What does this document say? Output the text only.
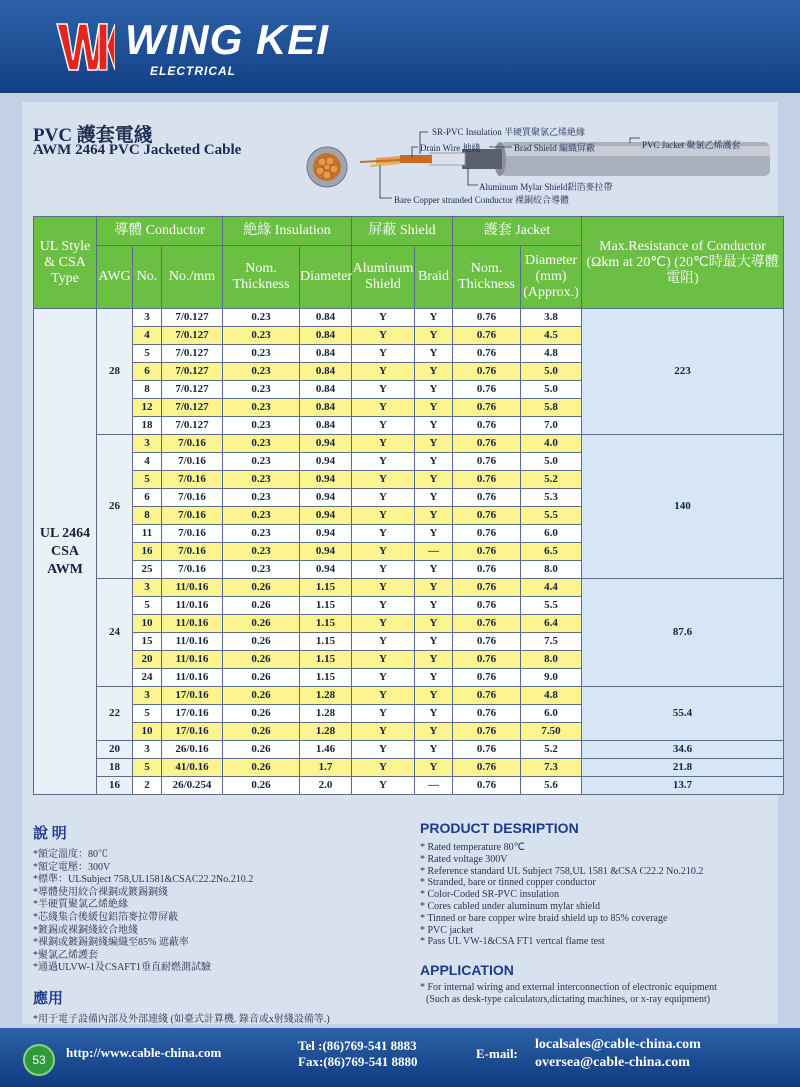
WING KEI
ELECTRICAL
PVC 護套電綫
AWM 2464 PVC Jacketed Cable
SR-PVC Insulation 半硬質聚氯乙烯絶緣
Drain Wire 地綫	Brad Shield 編織屏蔽	PVC Jacket 聚氯乙烯護套
Aluminum Mylar Shield鋁箔麥拉帶
Bare Copper stranded Conductor 裸銅絞合導體
UL Style & CSA Type	導體 Conductor			絶緣 Insulation		屏蔽 Shield		護套 Jacket		Max.Resistance of Conductor (Ωkm at 20℃) (20℃時最大導體電阻)
	AWG	No.	No./mm	Nom. Thickness	Diameter	Aluminum Shield	Braid	Nom. Thickness	Diameter (mm) (Approx.)	
UL 2464 CSA AWM	28	3	7/0.127	0.23	0.84	Y	Y	0.76	3.8	223
		4	7/0.127	0.23	0.84	Y	Y	0.76	4.5	
		5	7/0.127	0.23	0.84	Y	Y	0.76	4.8	
		6	7/0.127	0.23	0.84	Y	Y	0.76	5.0	
		8	7/0.127	0.23	0.84	Y	Y	0.76	5.0	
		12	7/0.127	0.23	0.84	Y	Y	0.76	5.8	
		18	7/0.127	0.23	0.84	Y	Y	0.76	7.0	
	26	3	7/0.16	0.23	0.94	Y	Y	0.76	4.0	140
		4	7/0.16	0.23	0.94	Y	Y	0.76	5.0	
		5	7/0.16	0.23	0.94	Y	Y	0.76	5.2	
		6	7/0.16	0.23	0.94	Y	Y	0.76	5.3	
		8	7/0.16	0.23	0.94	Y	Y	0.76	5.5	
		11	7/0.16	0.23	0.94	Y	Y	0.76	6.0	
		16	7/0.16	0.23	0.94	Y	—	0.76	6.5	
		25	7/0.16	0.23	0.94	Y	Y	0.76	8.0	
	24	3	11/0.16	0.26	1.15	Y	Y	0.76	4.4	87.6
		5	11/0.16	0.26	1.15	Y	Y	0.76	5.5	
		10	11/0.16	0.26	1.15	Y	Y	0.76	6.4	
		15	11/0.16	0.26	1.15	Y	Y	0.76	7.5	
		20	11/0.16	0.26	1.15	Y	Y	0.76	8.0	
		24	11/0.16	0.26	1.15	Y	Y	0.76	9.0	
	22	3	17/0.16	0.26	1.28	Y	Y	0.76	4.8	55.4
		5	17/0.16	0.26	1.28	Y	Y	0.76	6.0	
		10	17/0.16	0.26	1.28	Y	Y	0.76	7.50	
	20	3	26/0.16	0.26	1.46	Y	Y	0.76	5.2	34.6
	18	5	41/0.16	0.26	1.7	Y	Y	0.76	7.3	21.8
	16	2	26/0.254	0.26	2.0	Y	—	0.76	5.6	13.7
說 明
*額定溫度：80℃
*額定電壓：300V
*標準：ULSubject 758,UL1581&CSAC22.2No.210.2
*導體使用絞合裸銅或鍍錫銅綫
*半硬質聚氯乙烯絶緣
*芯綫集合後緩包鋁箔麥拉帶屏蔽
*鍍錫或裸銅綫絞合地綫
*裸銅或鍍錫銅綫編織至85% 遮蔽率
*聚氯乙烯護套
*通過ULVW-1及CSAFT1垂直耐燃測試驗
應用
*用于電子設備內部及外部連綫 (如臺式計算機. 錄音或x射綫設備等.)
PRODUCT DESRIPTION
* Rated temperature 80℃
* Rated voltage 300V
* Reference standard UL Subject 758,UL 1581 &CSA C22.2 No.210.2
* Stranded, bare or tinned copper conductor
* Color-Coded SR-PVC insulation
* Cores cabled under aluminum mylar shield
* Tinned or bare copper wire braid shield up to 85% coverage
* PVC jacket
* Pass UL VW-1&CSA FT1 vertcal flame test
APPLICATION
* For internal wiring and external interconnection of electronic equipment
(Such as desk-type calculators,dictating machines, or x-ray equipment)
53	http://www.cable-china.com	Tel :(86)769-541 8883
Fax:(86)769-541 8880
E-mail:
localsales@cable-china.com
oversea@cable-china.com
